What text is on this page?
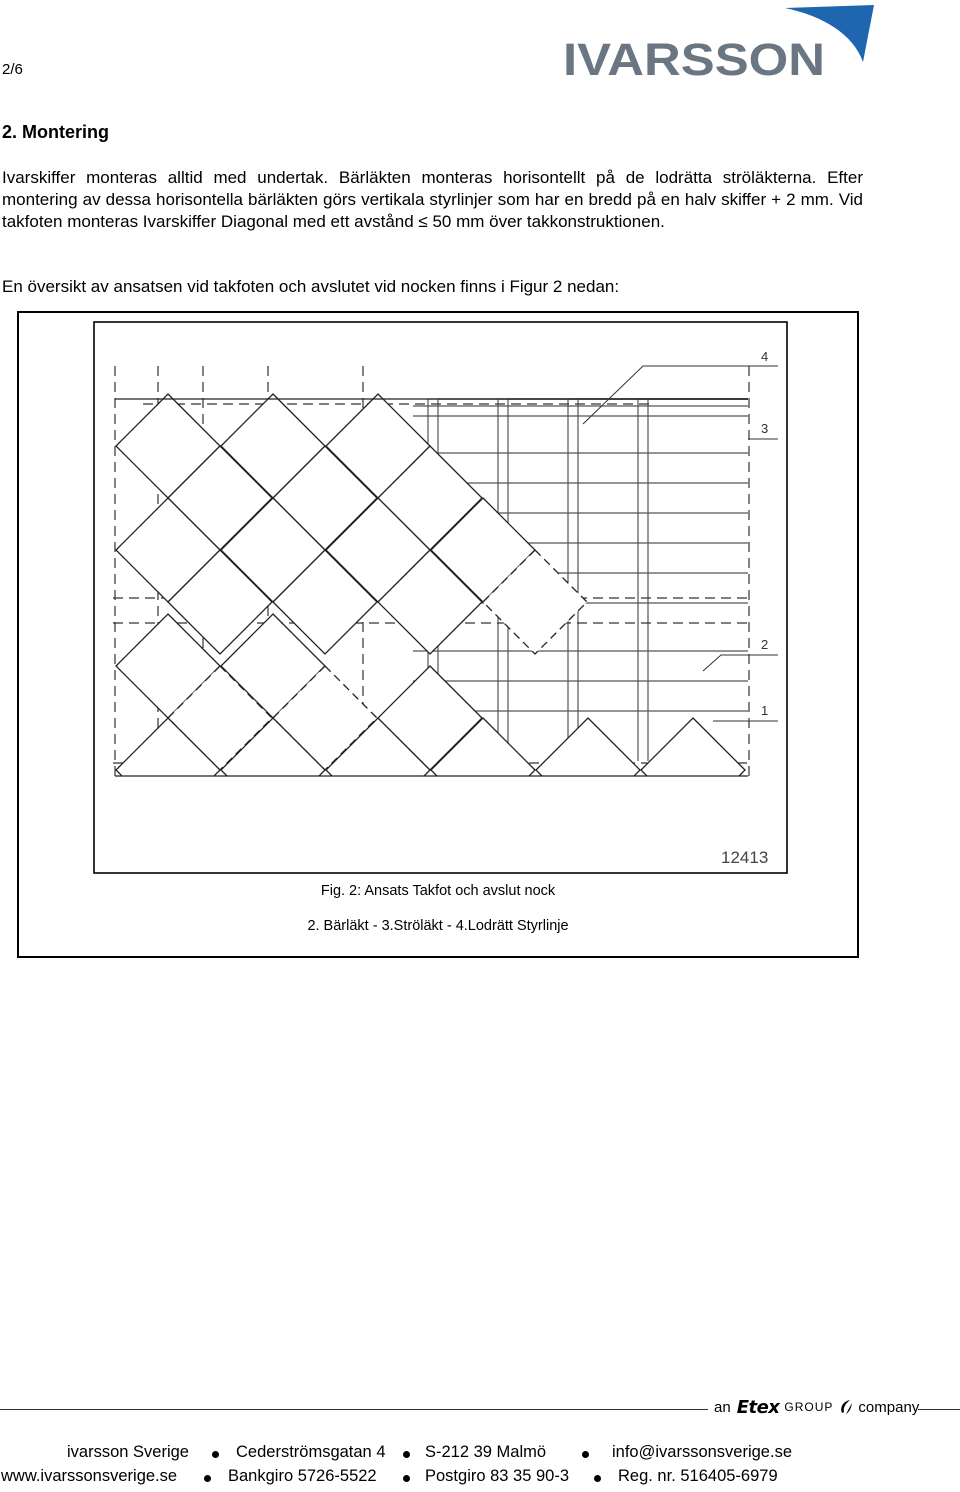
2/6	IVARSSON
2. Montering

Ivarskiffer monteras alltid med undertak. Bärläkten monteras horisontellt på de lodrätta ströläkterna. Efter montering av dessa horisontella bärläkten görs vertikala styrlinjer som har en bredd på en halv skiffer + 2 mm. Vid takfoten monteras Ivarskiffer Diagonal med ett avstånd ≤ 50 mm över takkonstruktionen.

En översikt av ansatsen vid takfoten och avslutet vid nocken finns i Figur 2 nedan:

4
3
2
1
12413
Fig. 2: Ansats Takfot och avslut nock
2. Bärläkt - 3.Ströläkt - 4.Lodrätt Styrlinje
an Etex GROUP company
ivarsson Sverige	Cederströmsgatan 4 S-212 39 Malmö	info@ivarssonsverige.se
www.ivarssonsverige.se	Bankgiro 5726-5522	Postgiro 83 35 90-3	Reg. nr. 516405-6979
